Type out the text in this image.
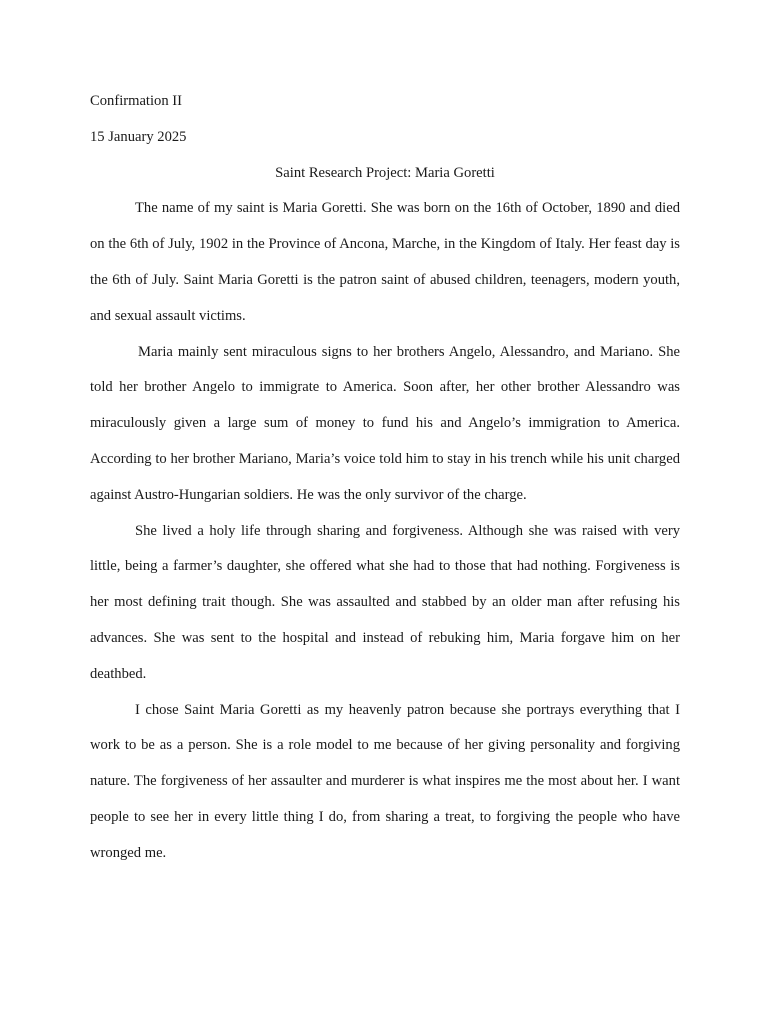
Confirmation II

15 January 2025

Saint Research Project: Maria Goretti

The name of my saint is Maria Goretti. She was born on the 16th of October, 1890 and died on the 6th of July, 1902 in the Province of Ancona, Marche, in the Kingdom of Italy. Her feast day is the 6th of July. Saint Maria Goretti is the patron saint of abused children, teenagers, modern youth, and sexual assault victims.

Maria mainly sent miraculous signs to her brothers Angelo, Alessandro, and Mariano. She told her brother Angelo to immigrate to America. Soon after, her other brother Alessandro was miraculously given a large sum of money to fund his and Angelo’s immigration to America. According to her brother Mariano, Maria’s voice told him to stay in his trench while his unit charged against Austro-Hungarian soldiers. He was the only survivor of the charge.

She lived a holy life through sharing and forgiveness. Although she was raised with very little, being a farmer’s daughter, she offered what she had to those that had nothing. Forgiveness is her most defining trait though. She was assaulted and stabbed by an older man after refusing his advances. She was sent to the hospital and instead of rebuking him, Maria forgave him on her deathbed.

I chose Saint Maria Goretti as my heavenly patron because she portrays everything that I work to be as a person. She is a role model to me because of her giving personality and forgiving nature. The forgiveness of her assaulter and murderer is what inspires me the most about her. I want people to see her in every little thing I do, from sharing a treat, to forgiving the people who have wronged me.
